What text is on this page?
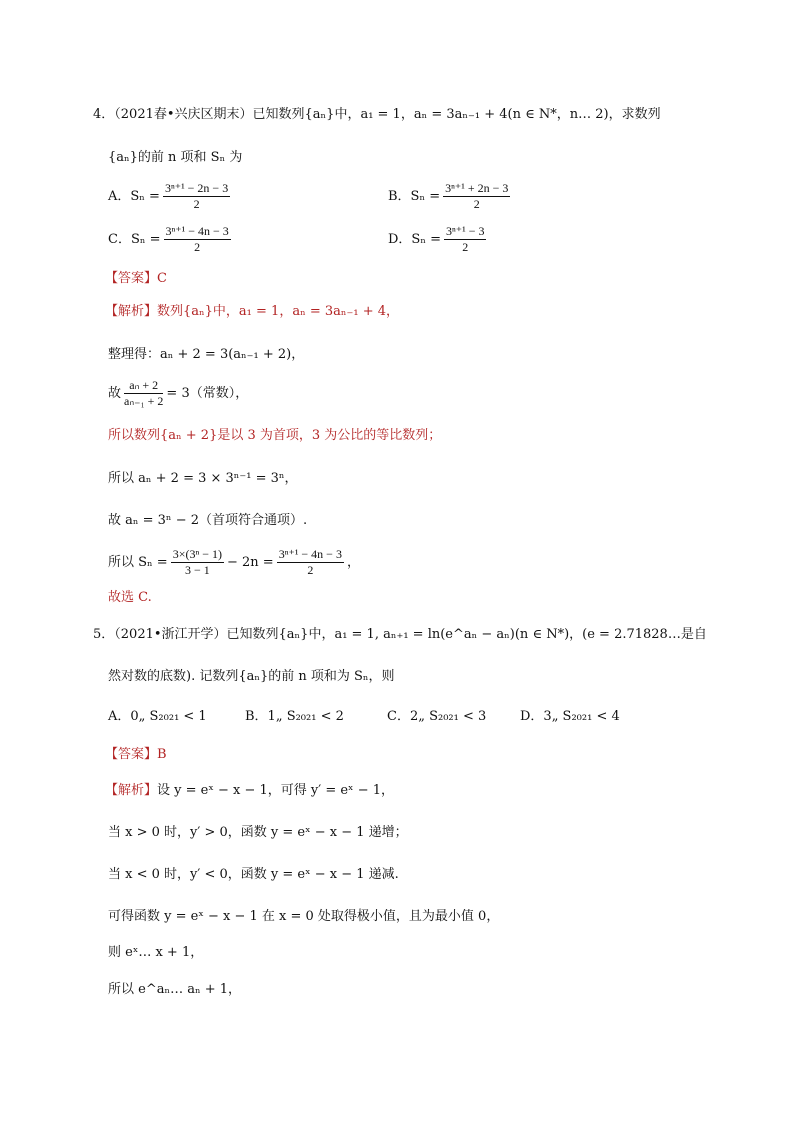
4．（2021春•兴庆区期末）已知数列{aₙ}中，a₁ = 1，aₙ = 3aₙ₋₁ + 4(n ∈ N*，n… 2)，求数列
{aₙ}的前 n 项和 Sₙ 为
A．$S_n = \frac{\text{3ⁿ⁺¹ − 2n − 3}}{2}$	B．$S_n = \frac{\text{3ⁿ⁺¹ + 2n − 3}}{2}$
C．$S_n = \frac{\text{3ⁿ⁺¹ − 4n − 3}}{2}$	D．$S_n = \frac{\text{3ⁿ⁺¹ − 3}}{2}$
【答案】C
【解析】数列{aₙ}中，a₁ = 1，aₙ = 3aₙ₋₁ + 4，
整理得：aₙ + 2 = 3(aₙ₋₁ + 2)，
故 $\frac{\text{aₙ + 2}}{\text{aₙ₋₁ + 2}} = 3$（常数），
所以数列{aₙ + 2}是以 3 为首项，3 为公比的等比数列；
所以 aₙ + 2 = 3 × 3ⁿ⁻¹ = 3ⁿ，
故 aₙ = 3ⁿ − 2（首项符合通项）.
所以 $S_n = \frac{\text{3×(3ⁿ − 1)}}{3 - 1} - 2n = \frac{\text{3ⁿ⁺¹ − 4n − 3}}{2}$ ，
故选 C.
5．（2021•浙江开学）已知数列{aₙ}中，a₁ = 1, aₙ₊₁ = ln(e^aₙ − aₙ)(n ∈ N*)，(e = 2.71828…是自
然对数的底数). 记数列{aₙ}的前 n 项和为 Sₙ，则
A．0„ S₂₀₂₁ < 1	B．1„ S₂₀₂₁ < 2	C．2„ S₂₀₂₁ < 3	D．3„ S₂₀₂₁ < 4
【答案】B
【解析】设 y = eˣ − x − 1，可得 y′ = eˣ − 1，
当 x > 0 时，y′ > 0，函数 y = eˣ − x − 1 递增；
当 x < 0 时，y′ < 0，函数 y = eˣ − x − 1 递减.
可得函数 y = eˣ − x − 1 在 x = 0 处取得极小值，且为最小值 0，
则 eˣ… x + 1，
所以 e^aₙ… aₙ + 1，
